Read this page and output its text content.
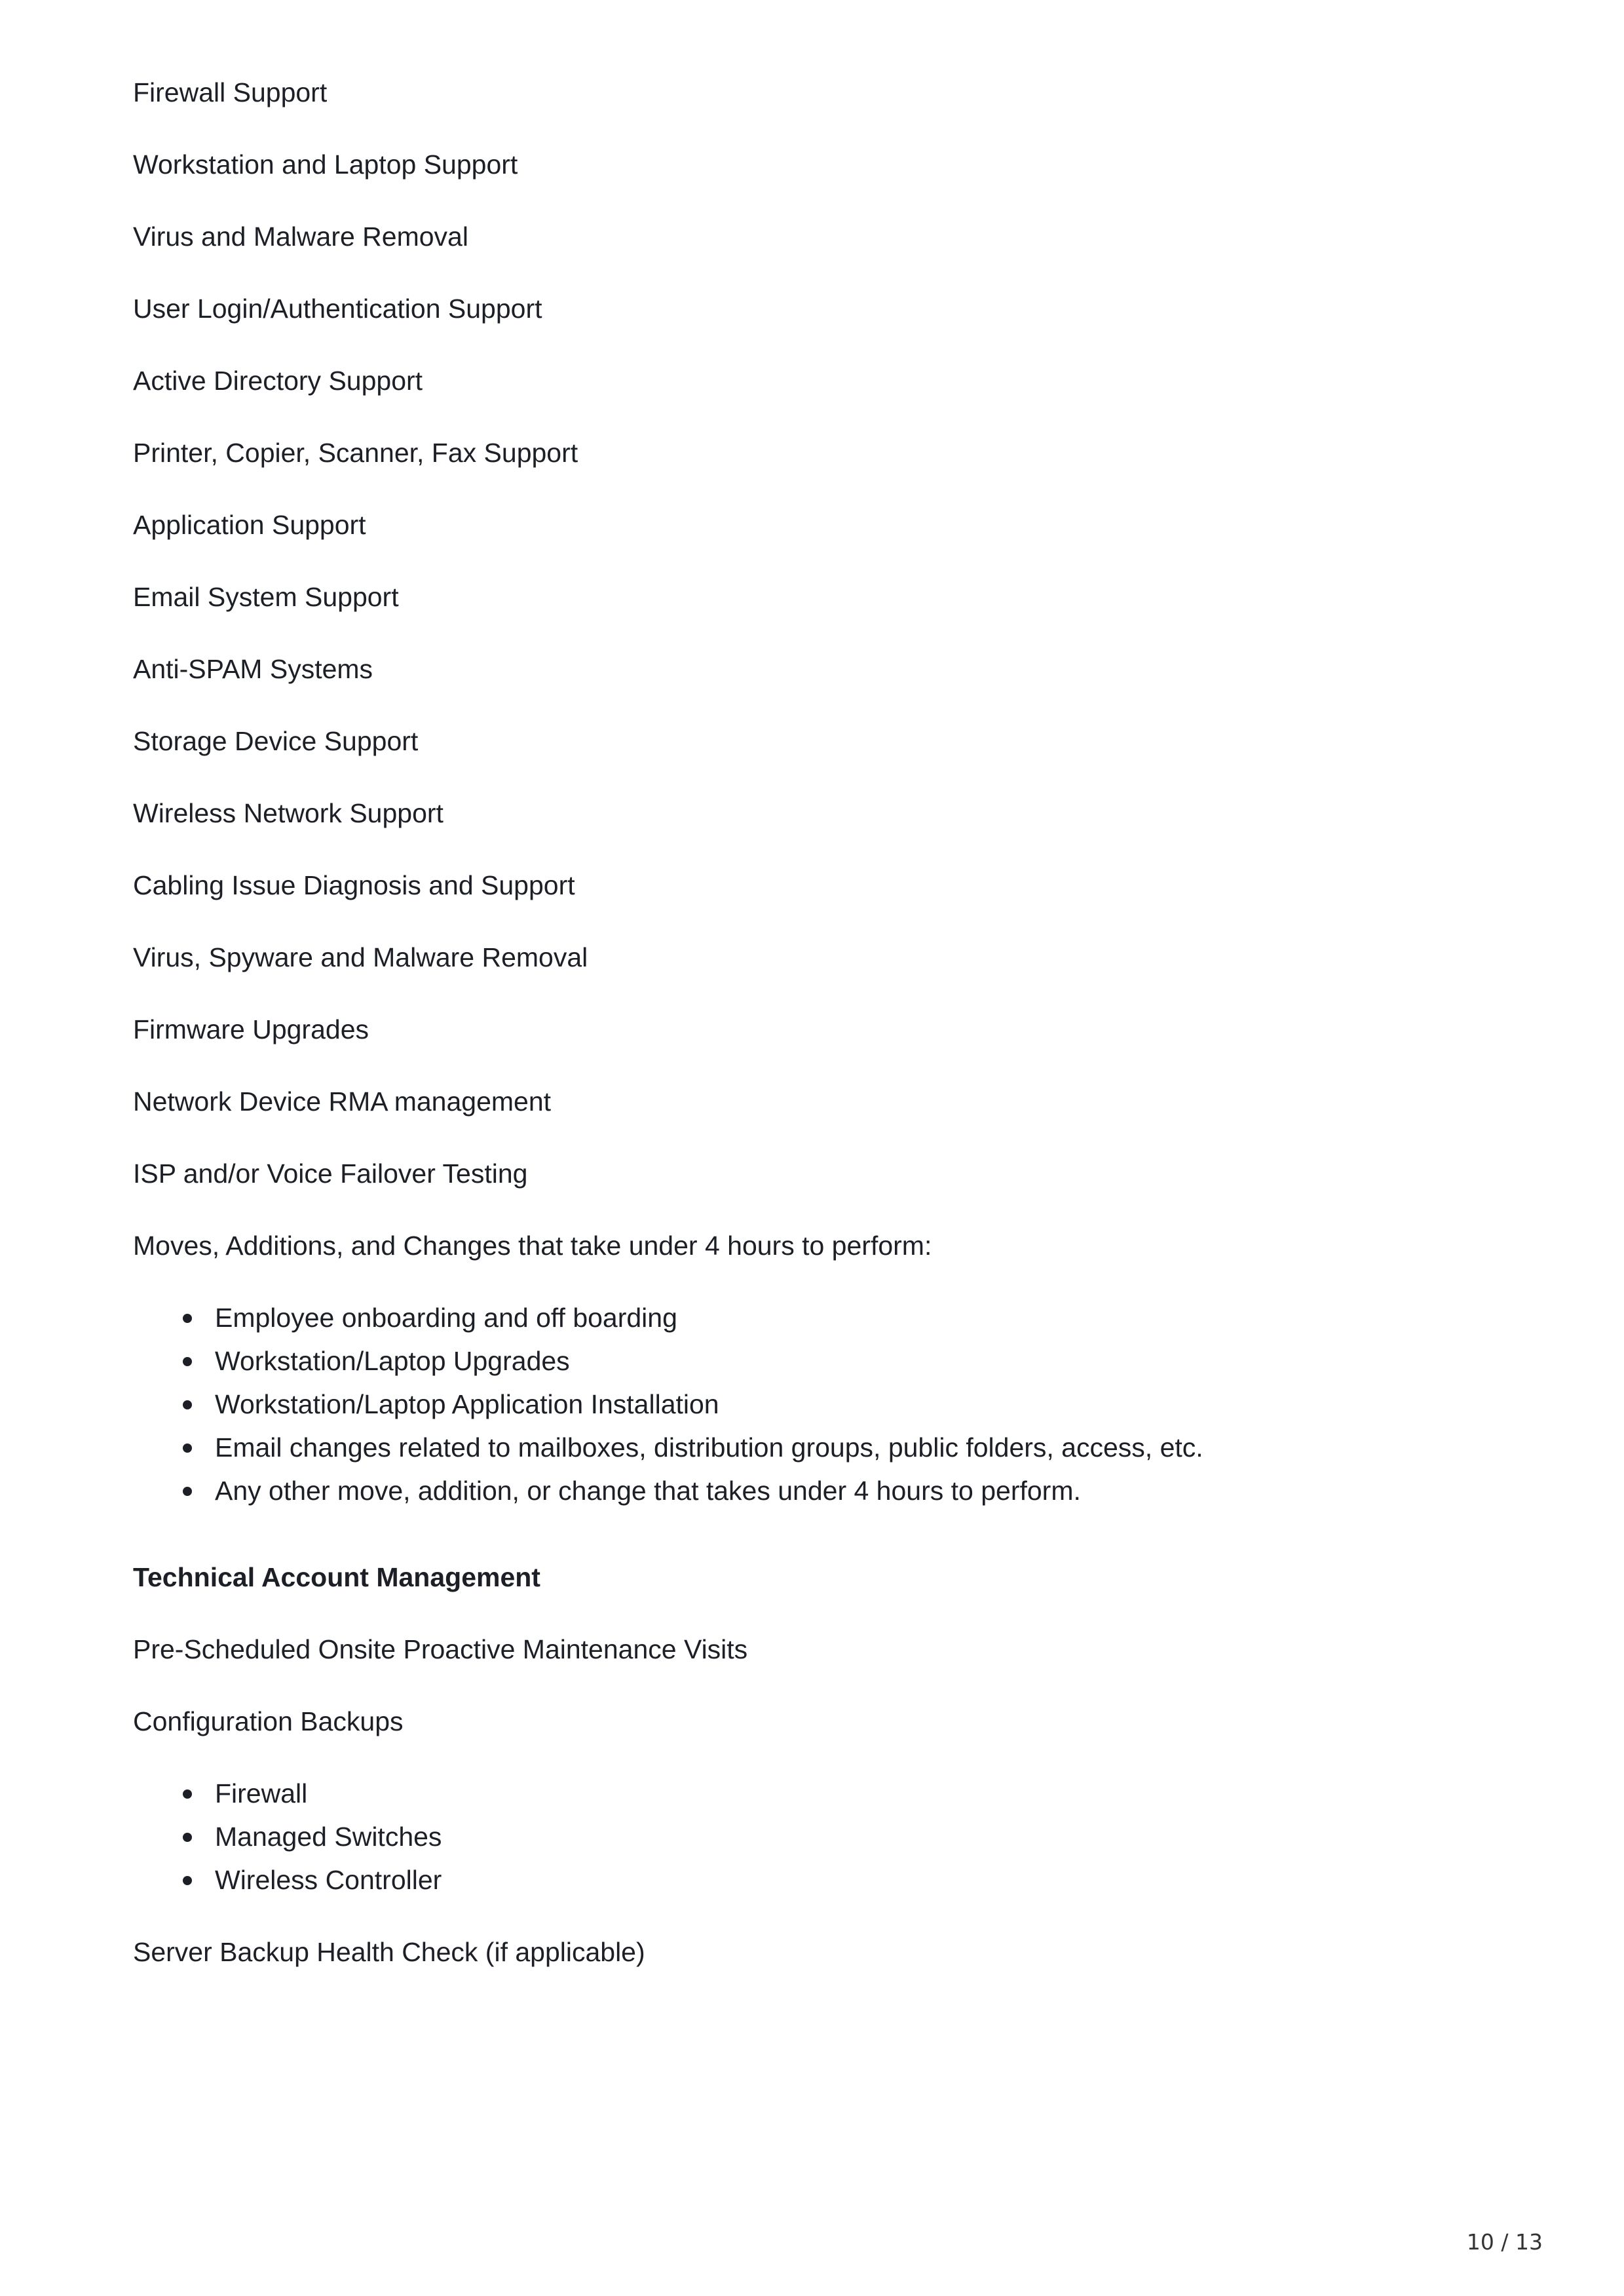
Firewall Support

Workstation and Laptop Support

Virus and Malware Removal

User Login/Authentication Support

Active Directory Support

Printer, Copier, Scanner, Fax Support

Application Support

Email System Support

Anti-SPAM Systems

Storage Device Support

Wireless Network Support

Cabling Issue Diagnosis and Support

Virus, Spyware and Malware Removal

Firmware Upgrades

Network Device RMA management

ISP and/or Voice Failover Testing

Moves, Additions, and Changes that take under 4 hours to perform:

Employee onboarding and off boarding
Workstation/Laptop Upgrades
Workstation/Laptop Application Installation
Email changes related to mailboxes, distribution groups, public folders, access, etc.
Any other move, addition, or change that takes under 4 hours to perform.

Technical Account Management

Pre-Scheduled Onsite Proactive Maintenance Visits

Configuration Backups

Firewall
Managed Switches
Wireless Controller

Server Backup Health Check (if applicable)

10 / 13
